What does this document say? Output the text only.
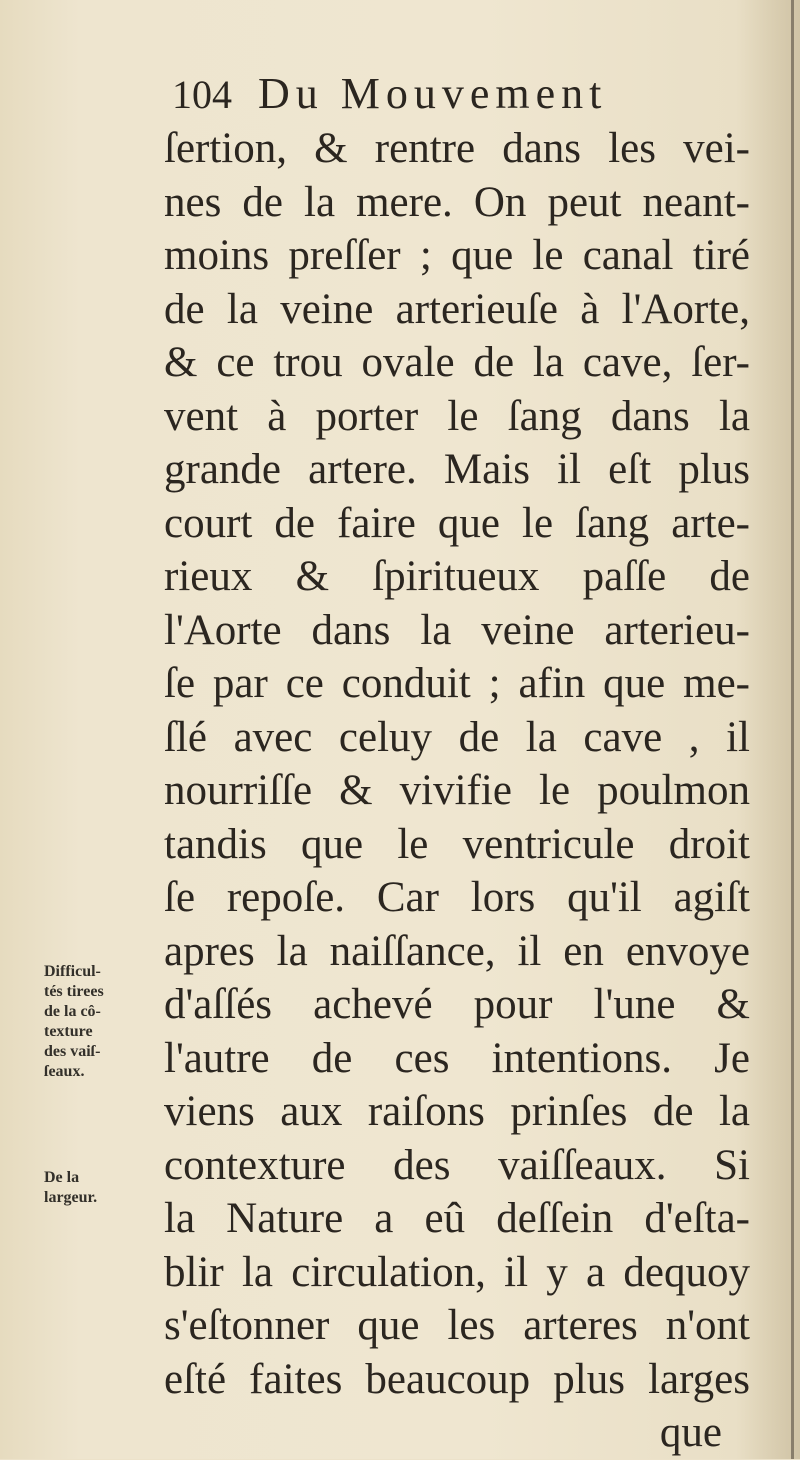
104 Du Mouvement
ſertion, & rentre dans les vei-
nes de la mere. On peut neant-
moins preſſer ; que le canal tiré
de la veine arterieuſe à l'Aorte,
& ce trou ovale de la cave, ſer-
vent à porter le ſang dans la
grande artere. Mais il eſt plus
court de faire que le ſang arte-
rieux & ſpiritueux paſſe de
l'Aorte dans la veine arterieu-
ſe par ce conduit ; afin que me-
ſlé avec celuy de la cave , il
nourriſſe & vivifie le poulmon
tandis que le ventricule droit
ſe repoſe. Car lors qu'il agiſt
apres la naiſſance, il en envoye
d'aſſés achevé pour l'une &
l'autre de ces intentions. Je
viens aux raiſons prinſes de la
contexture des vaiſſeaux. Si
la Nature a eû deſſein d'eſta-
blir la circulation, il y a dequoy
s'eſtonner que les arteres n'ont
eſté faites beaucoup plus larges
que
Difficul-
tés tirees
de la cô-
texture
des vaiſ-
ſeaux.
De la
largeur.
